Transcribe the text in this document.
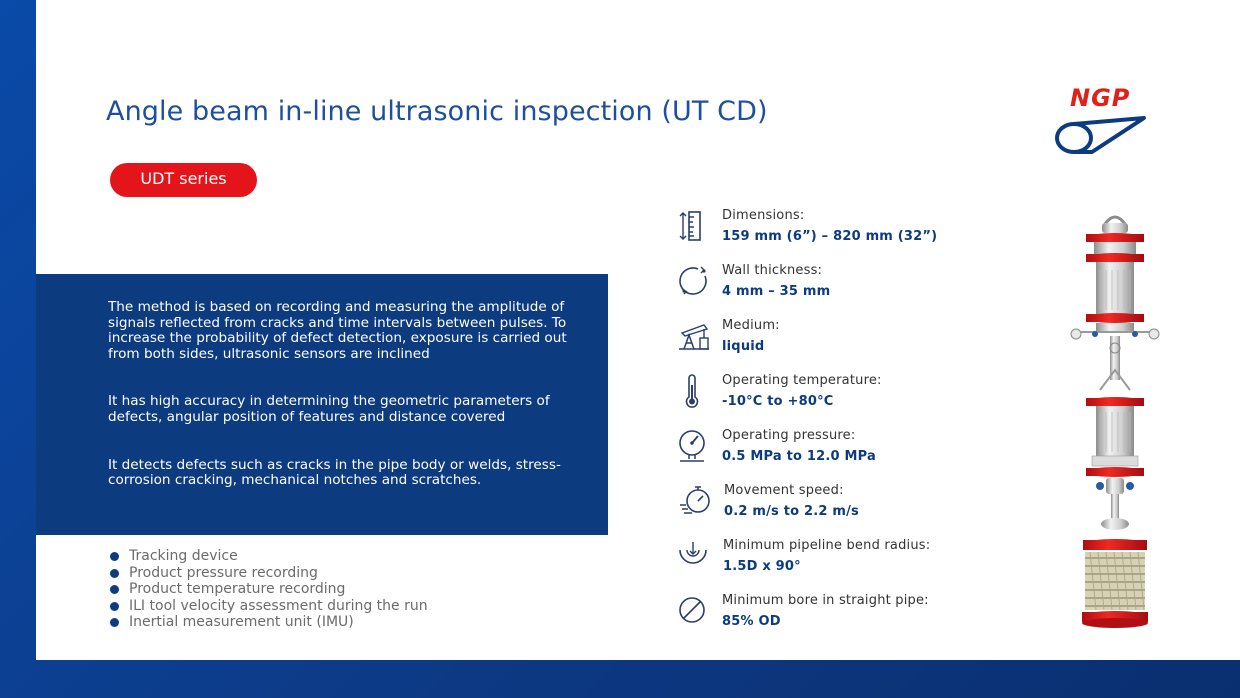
Angle beam in-line ultrasonic inspection (UT CD)	NGP
UDT series

The method is based on recording and measuring the amplitude of signals reflected from cracks and time intervals between pulses. To increase the probability of defect detection, exposure is carried out from both sides, ultrasonic sensors are inclined

It has high accuracy in determining the geometric parameters of defects, angular position of features and distance covered

It detects defects such as cracks in the pipe body or welds, stress-corrosion cracking, mechanical notches and scratches.

Tracking device
Product pressure recording
Product temperature recording
ILI tool velocity assessment during the run
Inertial measurement unit (IMU)
Dimensions:
159 mm (6”) – 820 mm (32”)
Wall thickness:
4 mm – 35 mm
Medium:
liquid
Operating temperature:
-10°C to +80°C
Operating pressure:
0.5 MPa to 12.0 MPa
Movement speed:
0.2 m/s to 2.2 m/s
Minimum pipeline bend radius:
1.5D x 90°
Minimum bore in straight pipe:
85% OD
